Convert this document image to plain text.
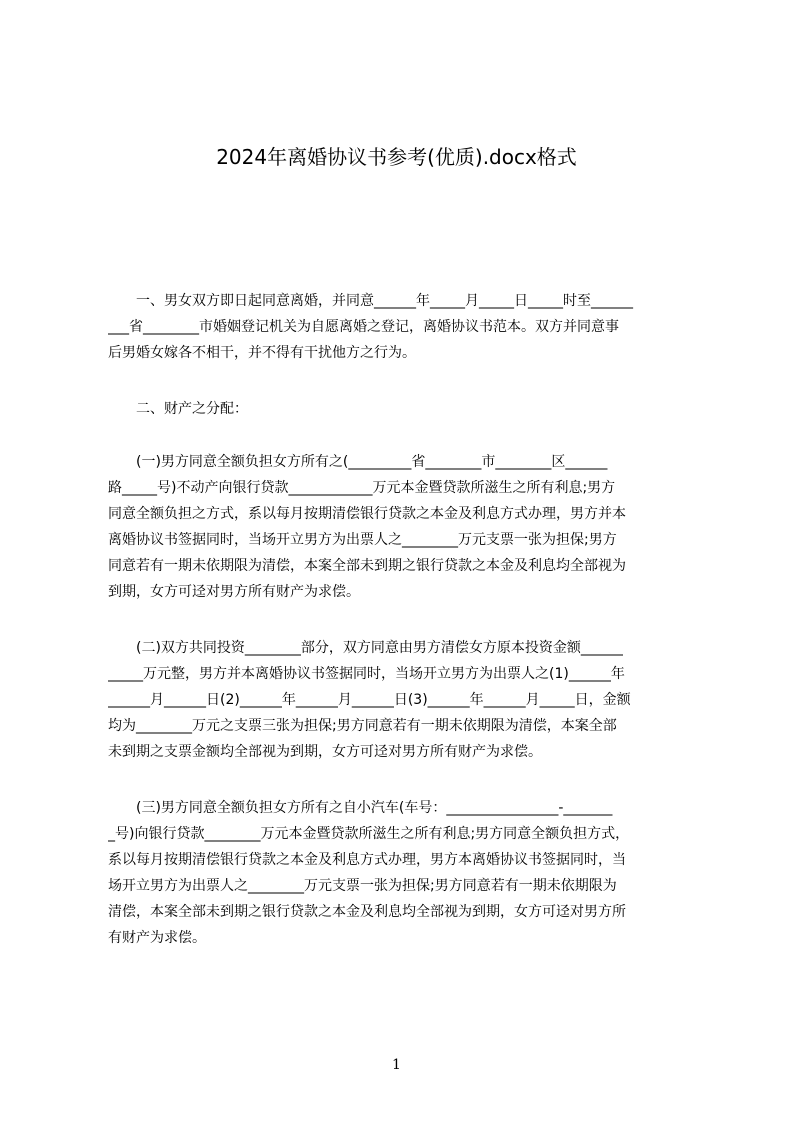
2024年离婚协议书参考(优质).docx格式
　　一、男女双方即日起同意离婚，并同意______年_____月_____日_____时至______
___省________市婚姻登记机关为自愿离婚之登记，离婚协议书范本。双方并同意事
后男婚女嫁各不相干，并不得有干扰他方之行为。
　　二、财产之分配：
　　(一)男方同意全额负担女方所有之(_________省________市________区______
路_____号)不动产向银行贷款____________万元本金暨贷款所滋生之所有利息;男方
同意全额负担之方式，系以每月按期清偿银行贷款之本金及利息方式办理，男方并本
离婚协议书签据同时，当场开立男方为出票人之________万元支票一张为担保;男方
同意若有一期未依期限为清偿，本案全部未到期之银行贷款之本金及利息均全部视为
到期，女方可迳对男方所有财产为求偿。
　　(二)双方共同投资________部分，双方同意由男方清偿女方原本投资金额______
_____万元整，男方并本离婚协议书签据同时，当场开立男方为出票人之(1)______年
______月______日(2)______年______月______日(3)______年______月_____日，金额
均为________万元之支票三张为担保;男方同意若有一期未依期限为清偿，本案全部
未到期之支票金额均全部视为到期，女方可迳对男方所有财产为求偿。
　　(三)男方同意全额负担女方所有之自小汽车(车号：________________-_______
_号)向银行贷款________万元本金暨贷款所滋生之所有利息;男方同意全额负担方式，
系以每月按期清偿银行贷款之本金及利息方式办理，男方本离婚协议书签据同时，当
场开立男方为出票人之________万元支票一张为担保;男方同意若有一期未依期限为
清偿，本案全部未到期之银行贷款之本金及利息均全部视为到期，女方可迳对男方所
有财产为求偿。
1
